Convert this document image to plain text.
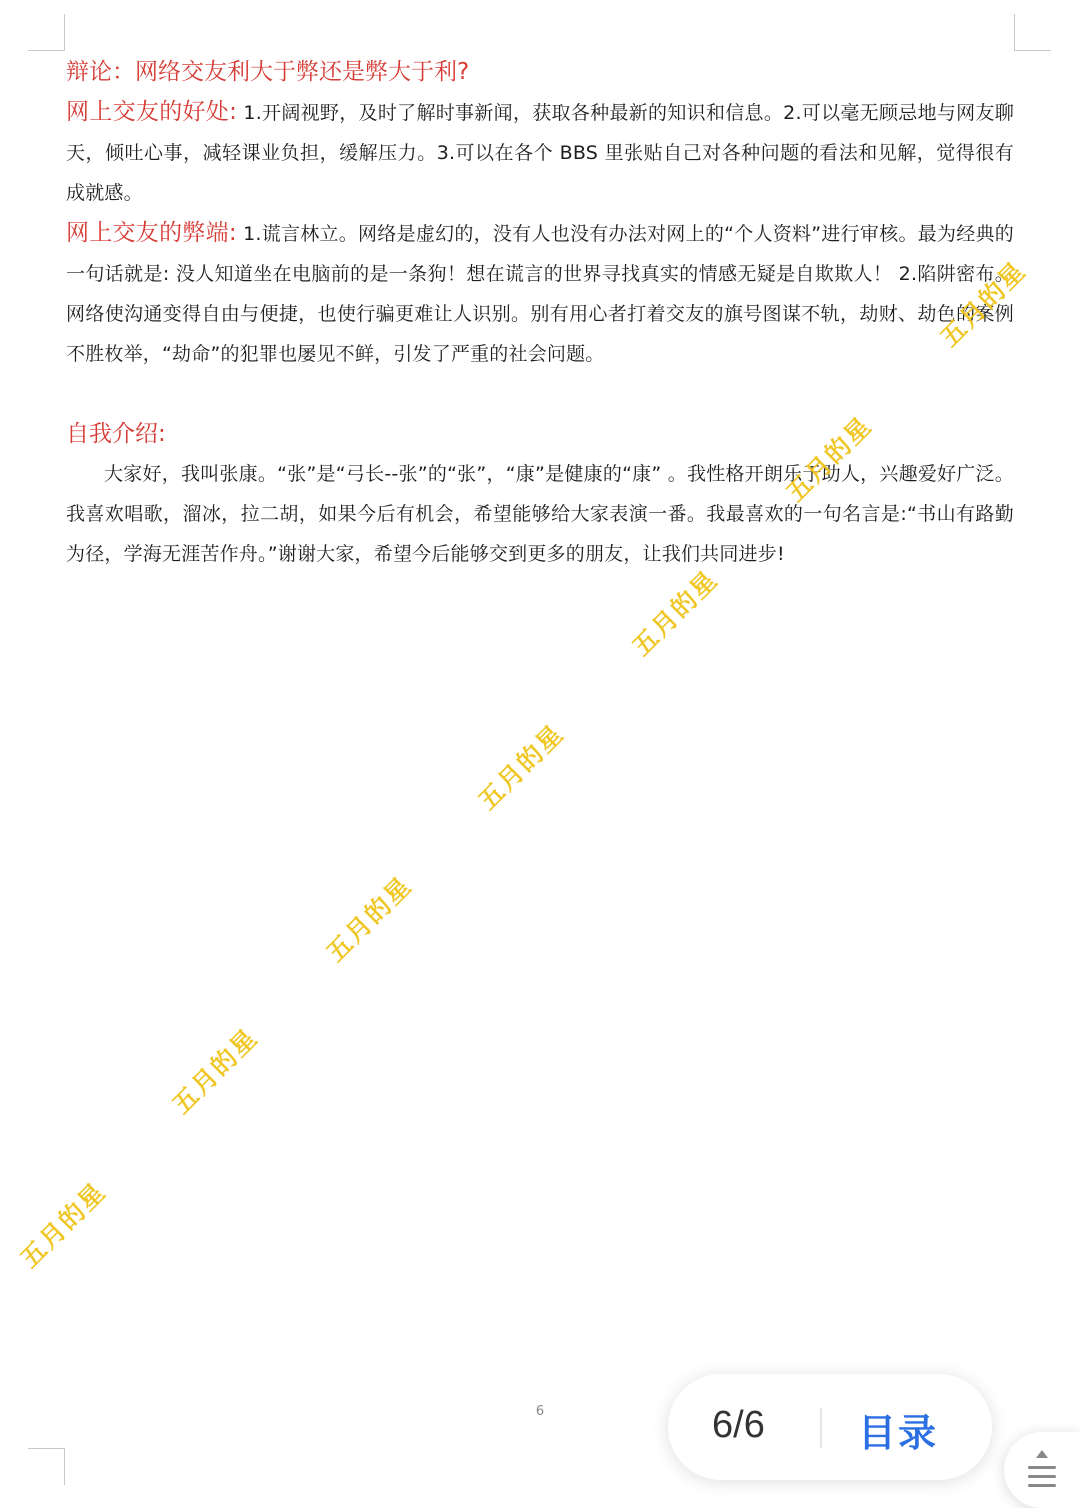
辩论：网络交友利大于弊还是弊大于利?

网上交友的好处: 1.开阔视野，及时了解时事新闻，获取各种最新的知识和信息。2.可以毫无顾忌地与网友聊天，倾吐心事，减轻课业负担，缓解压力。3.可以在各个 BBS 里张贴自己对各种问题的看法和见解，觉得很有成就感。

网上交友的弊端: 1.谎言林立。网络是虚幻的，没有人也没有办法对网上的“个人资料”进行审核。最为经典的一句话就是: 没人知道坐在电脑前的是一条狗！想在谎言的世界寻找真实的情感无疑是自欺欺人！ 2.陷阱密布。网络使沟通变得自由与便捷，也使行骗更难让人识别。别有用心者打着交友的旗号图谋不轨，劫财、劫色的案例不胜枚举，“劫命”的犯罪也屡见不鲜，引发了严重的社会问题。

自我介绍:

大家好，我叫张康。“张”是“弓长--张”的“张”，“康”是健康的“康” 。我性格开朗乐于助人，兴趣爱好广泛。我喜欢唱歌，溜冰，拉二胡，如果今后有机会，希望能够给大家表演一番。我最喜欢的一句名言是:“书山有路勤为径，学海无涯苦作舟。”谢谢大家，希望今后能够交到更多的朋友，让我们共同进步!

五月的星
五月的星
五月的星
五月的星
五月的星
五月的星
五月的星
6	6/6 目录
